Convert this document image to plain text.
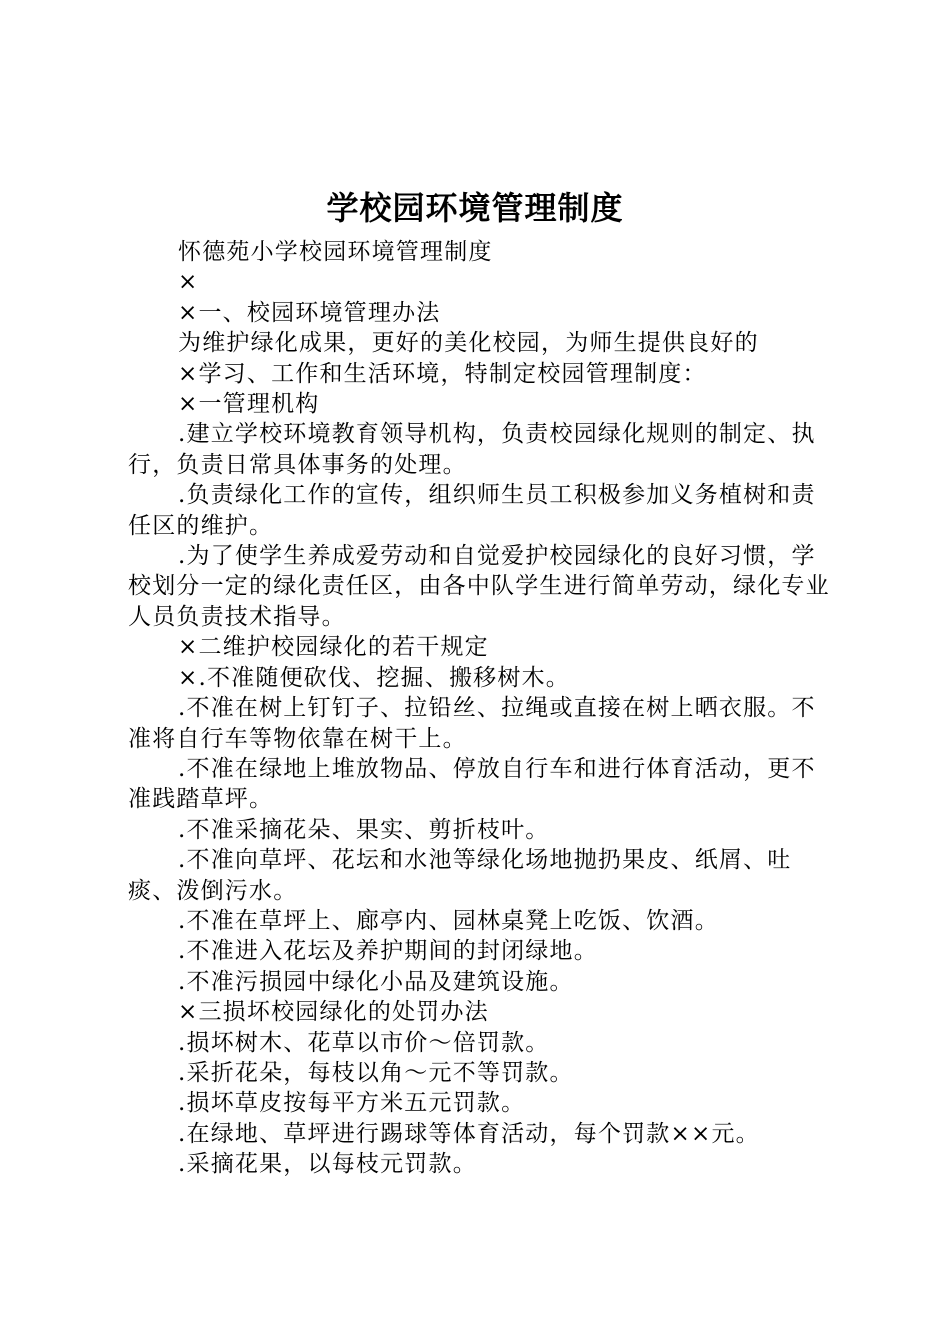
学校园环境管理制度

怀德苑小学校园环境管理制度

×

×一、校园环境管理办法

为维护绿化成果，更好的美化校园，为师生提供良好的

×学习、工作和生活环境，特制定校园管理制度：

×一管理机构

.建立学校环境教育领导机构，负责校园绿化规则的制定、执行，负责日常具体事务的处理。

.负责绿化工作的宣传，组织师生员工积极参加义务植树和责任区的维护。

.为了使学生养成爱劳动和自觉爱护校园绿化的良好习惯，学校划分一定的绿化责任区，由各中队学生进行简单劳动，绿化专业人员负责技术指导。

×二维护校园绿化的若干规定

×.不准随便砍伐、挖掘、搬移树木。

.不准在树上钉钉子、拉铅丝、拉绳或直接在树上晒衣服。不准将自行车等物依靠在树干上。

.不准在绿地上堆放物品、停放自行车和进行体育活动，更不准践踏草坪。

.不准采摘花朵、果实、剪折枝叶。

.不准向草坪、花坛和水池等绿化场地抛扔果皮、纸屑、吐痰、泼倒污水。

.不准在草坪上、廊亭内、园林桌凳上吃饭、饮酒。

.不准进入花坛及养护期间的封闭绿地。

.不准污损园中绿化小品及建筑设施。

×三损坏校园绿化的处罚办法

.损坏树木、花草以市价～倍罚款。

.采折花朵，每枝以角～元不等罚款。

.损坏草皮按每平方米五元罚款。

.在绿地、草坪进行踢球等体育活动，每个罚款××元。

.采摘花果，以每枝元罚款。
